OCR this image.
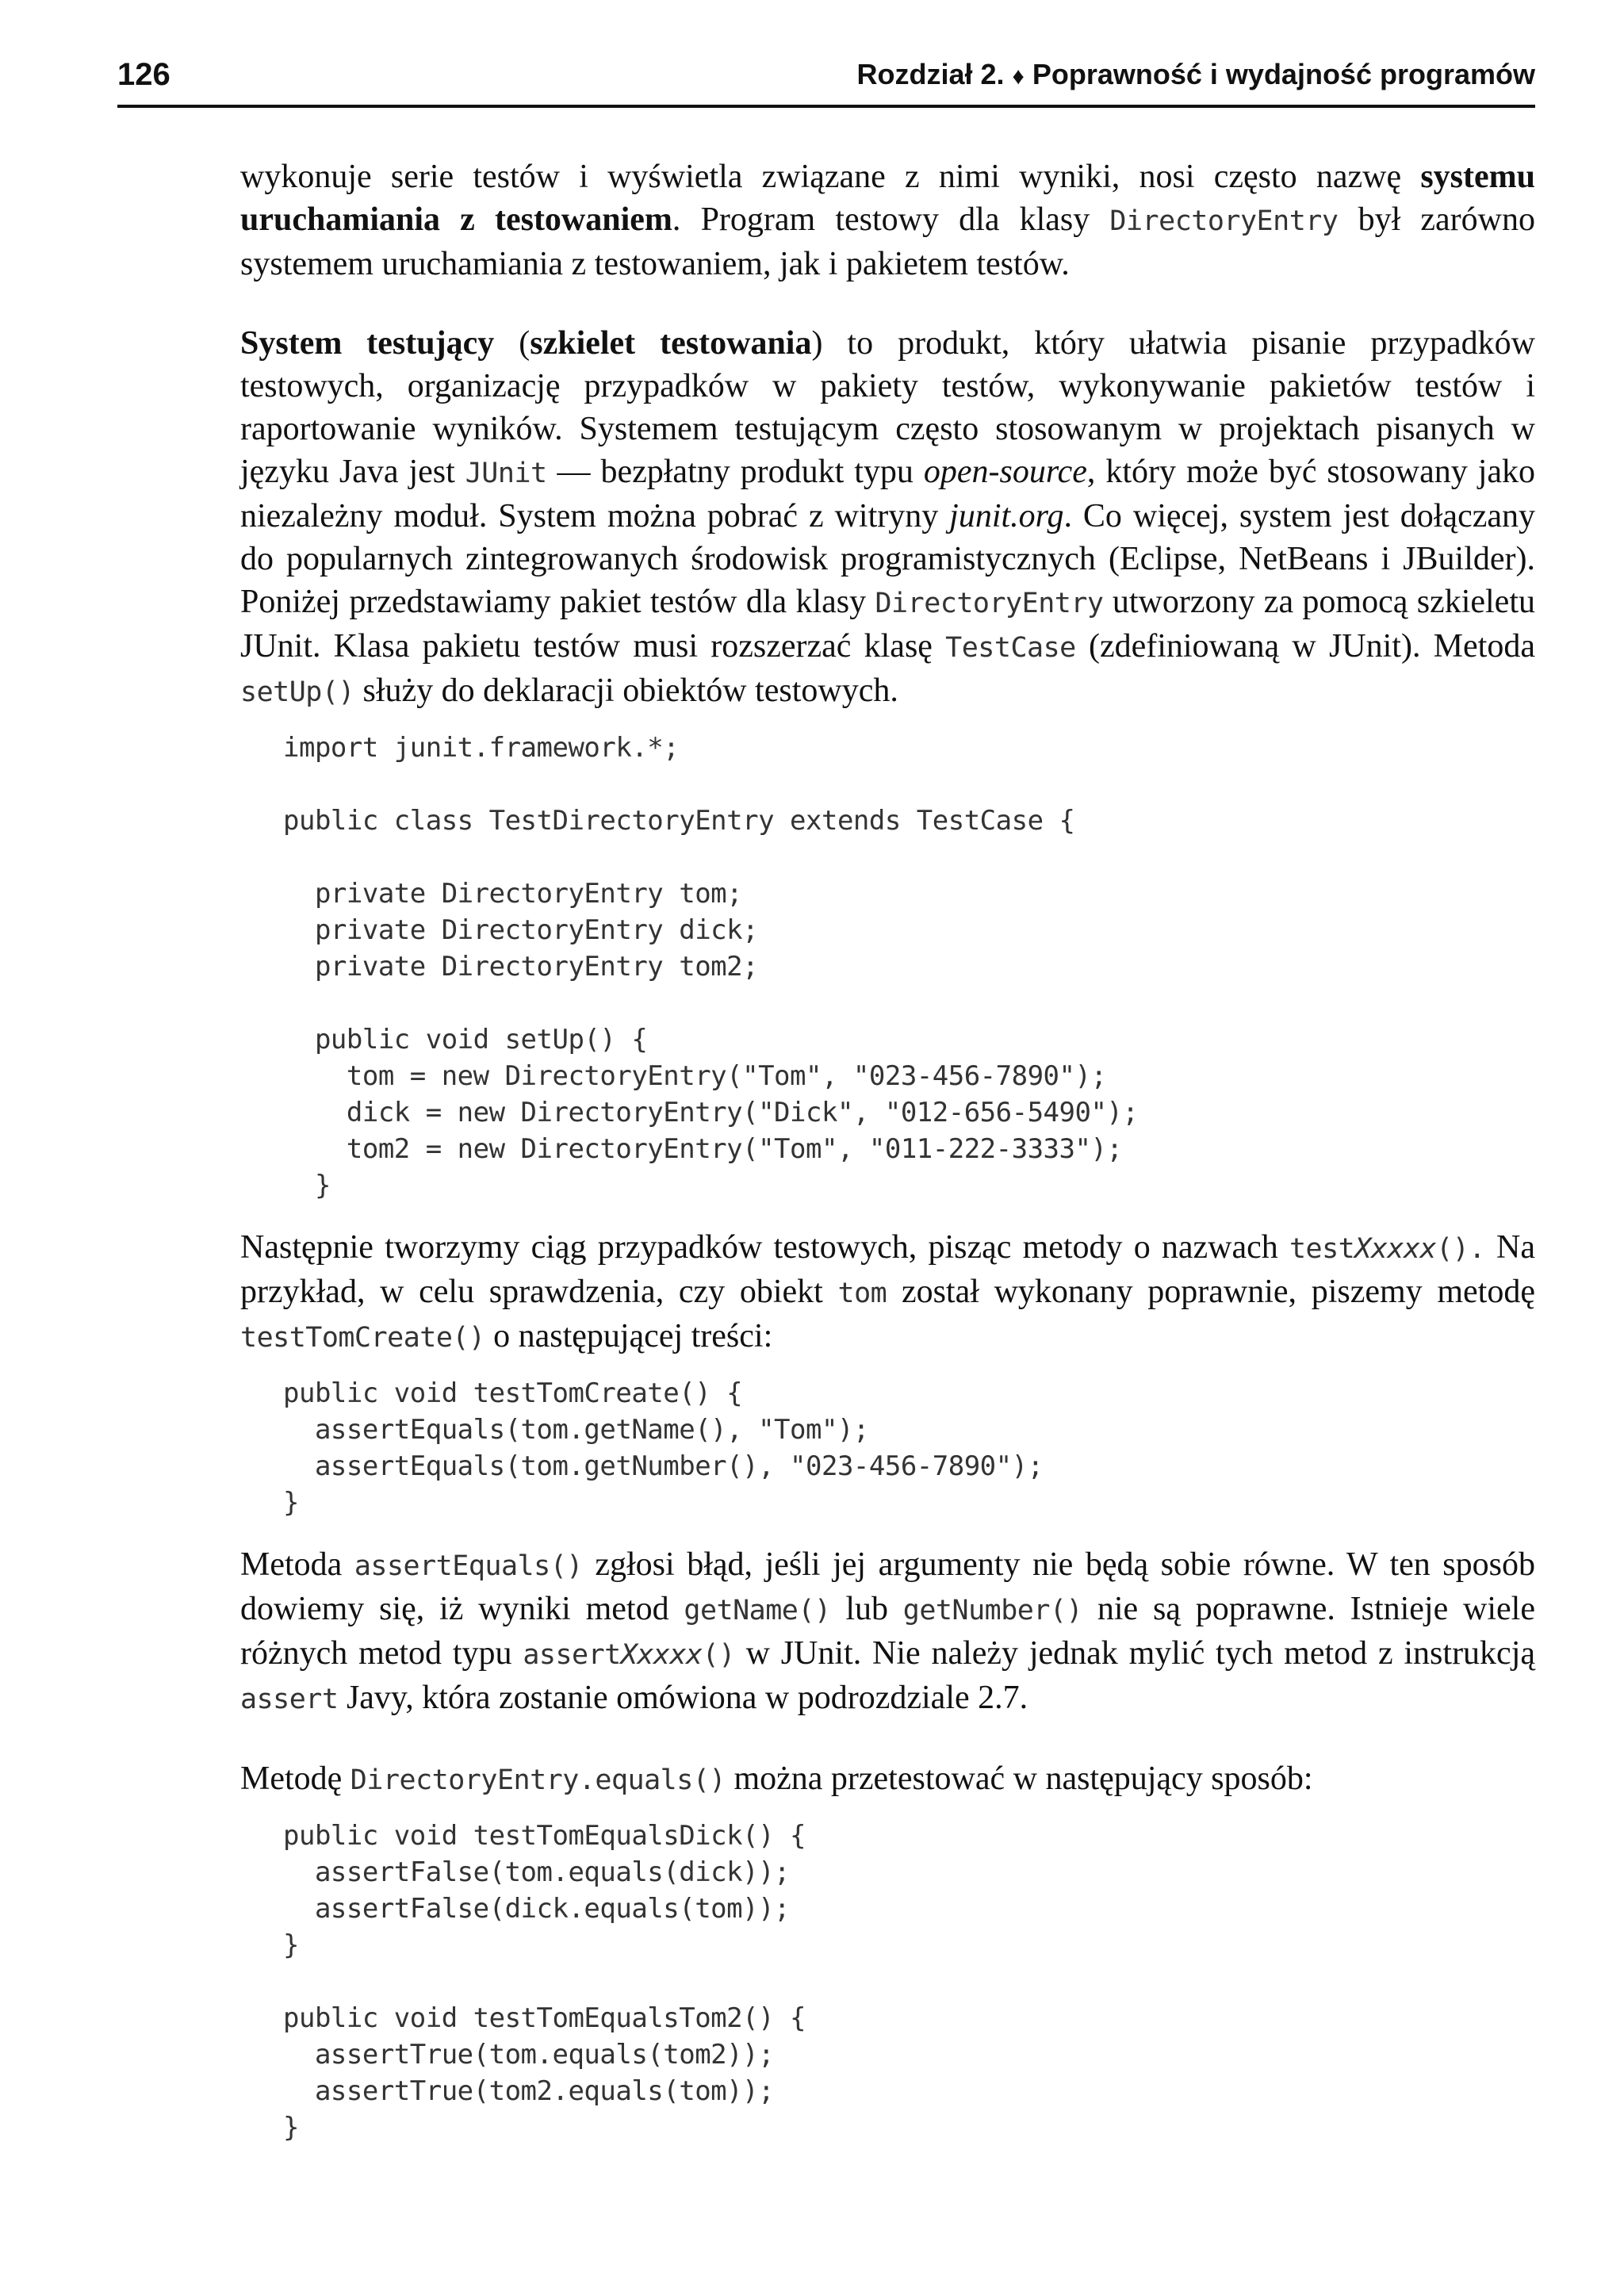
126	Rozdział 2. ♦ Poprawność i wydajność programów

wykonuje serie testów i wyświetla związane z nimi wyniki, nosi często nazwę systemu uruchamiania z testowaniem. Program testowy dla klasy DirectoryEntry był zarówno systemem uruchamiania z testowaniem, jak i pakietem testów.

System testujący (szkielet testowania) to produkt, który ułatwia pisanie przypadków testowych, organizację przypadków w pakiety testów, wykonywanie pakietów testów i raportowanie wyników. Systemem testującym często stosowanym w projektach pisanych w języku Java jest JUnit — bezpłatny produkt typu open-source, który może być stosowany jako niezależny moduł. System można pobrać z witryny junit.org. Co więcej, system jest dołączany do popularnych zintegrowanych środowisk programistycznych (Eclipse, NetBeans i JBuilder). Poniżej przedstawiamy pakiet testów dla klasy DirectoryEntry utworzony za pomocą szkieletu JUnit. Klasa pakietu testów musi rozszerzać klasę TestCase (zdefiniowaną w JUnit). Metoda setUp() służy do deklaracji obiektów testowych.

import junit.framework.*;

public class TestDirectoryEntry extends TestCase {

private DirectoryEntry tom;
private DirectoryEntry dick;
private DirectoryEntry tom2;

public void setUp() {
tom = new DirectoryEntry("Tom", "023-456-7890");
dick = new DirectoryEntry("Dick", "012-656-5490");
tom2 = new DirectoryEntry("Tom", "011-222-3333");
}

Następnie tworzymy ciąg przypadków testowych, pisząc metody o nazwach testXxxxx(). Na przykład, w celu sprawdzenia, czy obiekt tom został wykonany poprawnie, piszemy metodę testTomCreate() o następującej treści:

public void testTomCreate() {
assertEquals(tom.getName(), "Tom");
assertEquals(tom.getNumber(), "023-456-7890");
}

Metoda assertEquals() zgłosi błąd, jeśli jej argumenty nie będą sobie równe. W ten sposób dowiemy się, iż wyniki metod getName() lub getNumber() nie są poprawne. Istnieje wiele różnych metod typu assertXxxxx() w JUnit. Nie należy jednak mylić tych metod z instrukcją assert Javy, która zostanie omówiona w podrozdziale 2.7.

Metodę DirectoryEntry.equals() można przetestować w następujący sposób:

public void testTomEqualsDick() {
assertFalse(tom.equals(dick));
assertFalse(dick.equals(tom));
}

public void testTomEqualsTom2() {
assertTrue(tom.equals(tom2));
assertTrue(tom2.equals(tom));
}
